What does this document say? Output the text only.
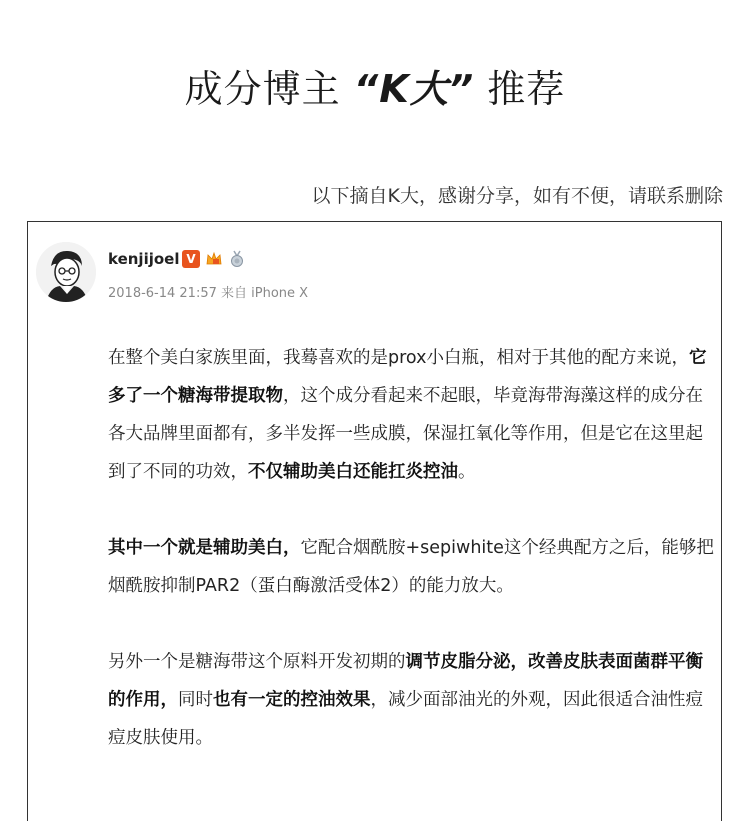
成分博主 “K大” 推荐
以下摘自K大，感谢分享，如有不便，请联系删除
kenjijoel V
2018-6-14 21:57 来自 iPhone X

在整个美白家族里面，我蓦喜欢的是prox小白瓶，相对于其他的配方来说，它多了一个糖海带提取物，这个成分看起来不起眼，毕竟海带海藻这样的成分在各大品牌里面都有，多半发挥一些成膜，保湿扛氧化等作用，但是它在这里起到了不同的功效，不仅辅助美白还能扛炎控油。

其中一个就是辅助美白，它配合烟酰胺+sepiwhite这个经典配方之后，能够把烟酰胺抑制PAR2（蛋白酶激活受体2）的能力放大。

另外一个是糖海带这个原料开发初期的调节皮脂分泌，改善皮肤表面菌群平衡的作用，同时也有一定的控油效果，减少面部油光的外观，因此很适合油性痘痘皮肤使用。
